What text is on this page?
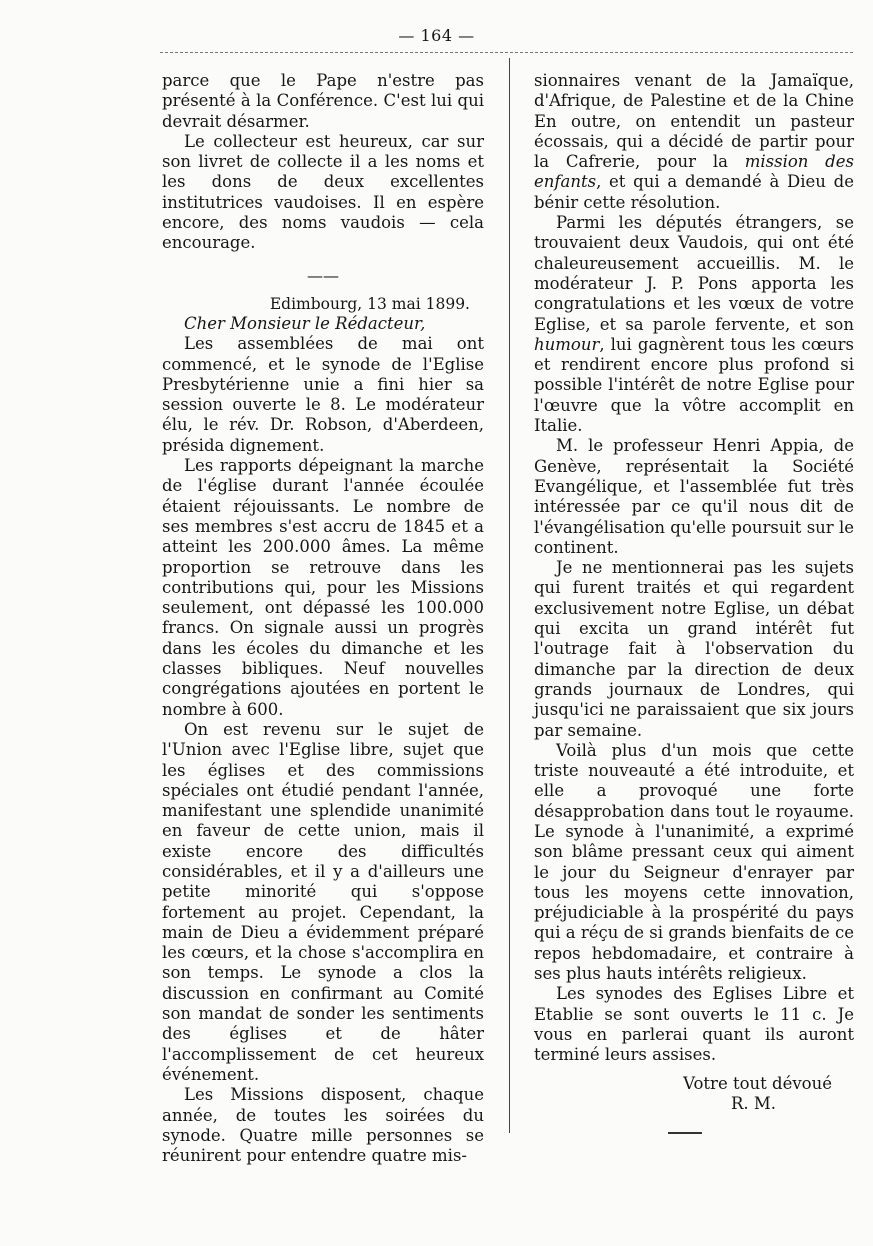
— 164 —

parce que le Pape n'estre pas présenté à la Conférence. C'est lui qui devrait désarmer.

Le collecteur est heureux, car sur son livret de collecte il a les noms et les dons de deux excellentes institutrices vaudoises. Il en espère encore, des noms vaudois — cela encourage.

——
Edimbourg, 13 mai 1899.

Cher Monsieur le Rédacteur,

Les assemblées de mai ont commencé, et le synode de l'Eglise Presbytérienne unie a fini hier sa session ouverte le 8. Le modérateur élu, le rév. Dr. Robson, d'Aberdeen, présida dignement.

Les rapports dépeignant la marche de l'église durant l'année écoulée étaient réjouissants. Le nombre de ses membres s'est accru de 1845 et a atteint les 200.000 âmes. La même proportion se retrouve dans les contributions qui, pour les Missions seulement, ont dépassé les 100.000 francs. On signale aussi un progrès dans les écoles du dimanche et les classes bibliques. Neuf nouvelles congrégations ajoutées en portent le nombre à 600.

On est revenu sur le sujet de l'Union avec l'Eglise libre, sujet que les églises et des commissions spéciales ont étudié pendant l'année, manifestant une splendide unanimité en faveur de cette union, mais il existe encore des difficultés considérables, et il y a d'ailleurs une petite minorité qui s'oppose fortement au projet. Cependant, la main de Dieu a évidemment préparé les cœurs, et la chose s'accomplira en son temps. Le synode a clos la discussion en confirmant au Comité son mandat de sonder les sentiments des églises et de hâter l'accomplissement de cet heureux événement.

Les Missions disposent, chaque année, de toutes les soirées du synode. Quatre mille personnes se réunirent pour entendre quatre mis-

sionnaires venant de la Jamaïque, d'Afrique, de Palestine et de la Chine En outre, on entendit un pasteur écossais, qui a décidé de partir pour la Cafrerie, pour la mission des enfants, et qui a demandé à Dieu de bénir cette résolution.

Parmi les députés étrangers, se trouvaient deux Vaudois, qui ont été chaleureusement accueillis. M. le modérateur J. P. Pons apporta les congratulations et les vœux de votre Eglise, et sa parole fervente, et son humour, lui gagnèrent tous les cœurs et rendirent encore plus profond si possible l'intérêt de notre Eglise pour l'œuvre que la vôtre accomplit en Italie.

M. le professeur Henri Appia, de Genève, représentait la Société Evangélique, et l'assemblée fut très intéressée par ce qu'il nous dit de l'évangélisation qu'elle poursuit sur le continent.

Je ne mentionnerai pas les sujets qui furent traités et qui regardent exclusivement notre Eglise, un débat qui excita un grand intérêt fut l'outrage fait à l'observation du dimanche par la direction de deux grands journaux de Londres, qui jusqu'ici ne paraissaient que six jours par semaine.

Voilà plus d'un mois que cette triste nouveauté a été introduite, et elle a provoqué une forte désapprobation dans tout le royaume. Le synode à l'unanimité, a exprimé son blâme pressant ceux qui aiment le jour du Seigneur d'enrayer par tous les moyens cette innovation, préjudiciable à la prospérité du pays qui a réçu de si grands bienfaits de ce repos hebdomadaire, et contraire à ses plus hauts intérêts religieux.

Les synodes des Eglises Libre et Etablie se sont ouverts le 11 c. Je vous en parlerai quant ils auront terminé leurs assises.

Votre tout dévoué
R. M.
